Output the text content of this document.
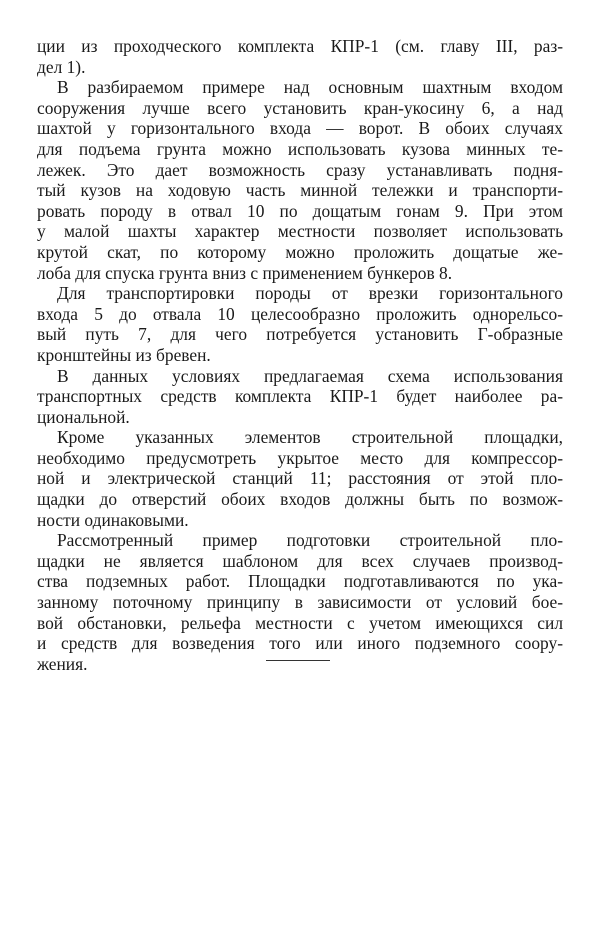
ции из проходческого комплекта КПР-1 (см. главу III, раз-
дел 1).
В разбираемом примере над основным шахтным входом
сооружения лучше всего установить кран-укосину 6, а над
шахтой у горизонтального входа — ворот. В обоих случаях
для подъема грунта можно использовать кузова минных те-
лежек. Это дает возможность сразу устанавливать подня-
тый кузов на ходовую часть минной тележки и транспорти-
ровать породу в отвал 10 по дощатым гонам 9. При этом
у малой шахты характер местности позволяет использовать
крутой скат, по которому можно проложить дощатые же-
лоба для спуска грунта вниз с применением бункеров 8.
Для транспортировки породы от врезки горизонтального
входа 5 до отвала 10 целесообразно проложить однорельсо-
вый путь 7, для чего потребуется установить Г-образные
кронштейны из бревен.
В данных условиях предлагаемая схема использования
транспортных средств комплекта КПР-1 будет наиболее ра-
циональной.
Кроме указанных элементов строительной площадки,
необходимо предусмотреть укрытое место для компрессор-
ной и электрической станций 11; расстояния от этой пло-
щадки до отверстий обоих входов должны быть по возмож-
ности одинаковыми.
Рассмотренный пример подготовки строительной пло-
щадки не является шаблоном для всех случаев производ-
ства подземных работ. Площадки подготавливаются по ука-
занному поточному принципу в зависимости от условий бое-
вой обстановки, рельефа местности с учетом имеющихся сил
и средств для возведения того или иного подземного соору-
жения.
